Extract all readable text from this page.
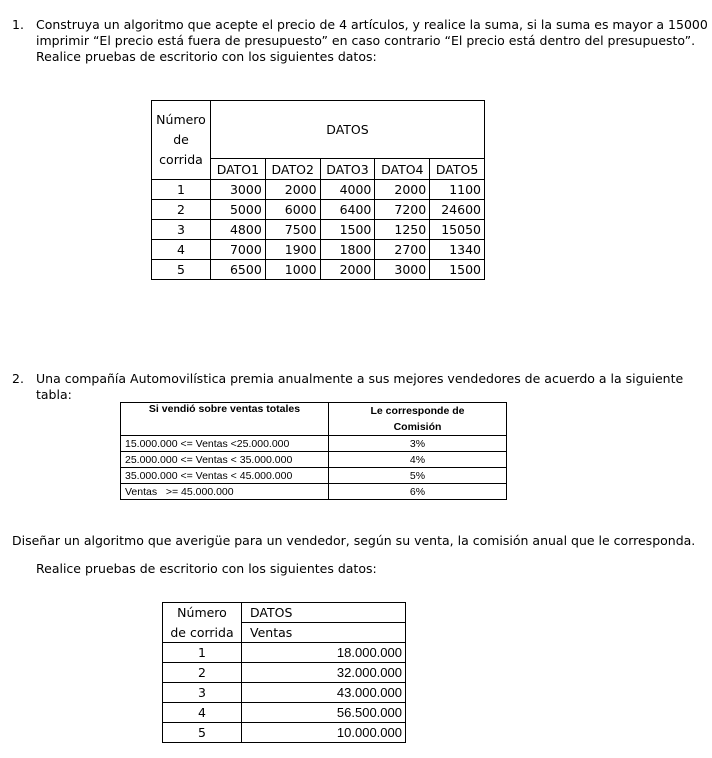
1. Construya un algoritmo que acepte el precio de 4 artículos, y realice la suma, si la suma es mayor a 15000
imprimir “El precio está fuera de presupuesto” en caso contrario “El precio está dentro del presupuesto”.
Realice pruebas de escritorio con los siguientes datos:
Número
de
corrida	DATOS				
	DATO1	DATO2	DATO3	DATO4	DATO5
1	3000	2000	4000	2000	1100
2	5000	6000	6400	7200	24600
3	4800	7500	1500	1250	15050
4	7000	1900	1800	2700	1340
5	6500	1000	2000	3000	1500
2. Una compañía Automovilística premia anualmente a sus mejores vendedores de acuerdo a la siguiente
tabla:
Si vendió sobre ventas totales	Le corresponde de
Comisión
15.000.000 <= Ventas <25.000.000	3%
25.000.000 <= Ventas < 35.000.000	4%
35.000.000 <= Ventas < 45.000.000	5%
Ventas   >= 45.000.000	6%
Diseñar un algoritmo que averigüe para un vendedor, según su venta, la comisión anual que le corresponda.
Realice pruebas de escritorio con los siguientes datos:
Número	DATOS
de corrida	Ventas
1	18.000.000
2	32.000.000
3	43.000.000
4	56.500.000
5	10.000.000
